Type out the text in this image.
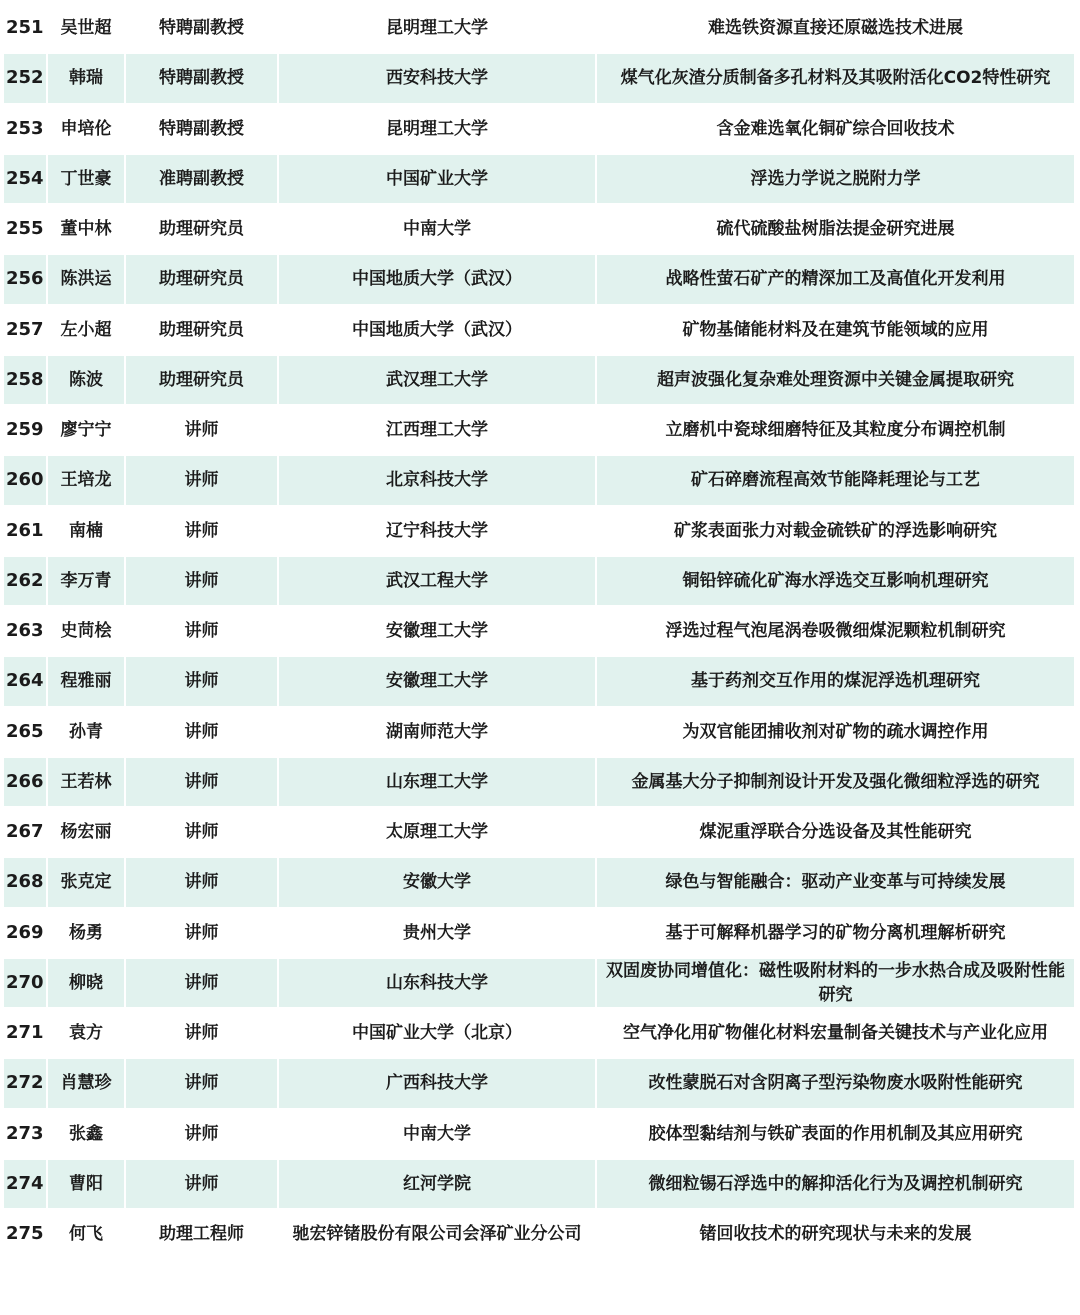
251	吴世超	特聘副教授	昆明理工大学	难选铁资源直接还原磁选技术进展
252	韩瑞	特聘副教授	西安科技大学	煤气化灰渣分质制备多孔材料及其吸附活化CO2特性研究
253	申培伦	特聘副教授	昆明理工大学	含金难选氧化铜矿综合回收技术
254	丁世豪	准聘副教授	中国矿业大学	浮选力学说之脱附力学
255	董中林	助理研究员	中南大学	硫代硫酸盐树脂法提金研究进展
256	陈洪运	助理研究员	中国地质大学（武汉）	战略性萤石矿产的精深加工及高值化开发利用
257	左小超	助理研究员	中国地质大学（武汉）	矿物基储能材料及在建筑节能领域的应用
258	陈波	助理研究员	武汉理工大学	超声波强化复杂难处理资源中关键金属提取研究
259	廖宁宁	讲师	江西理工大学	立磨机中瓷球细磨特征及其粒度分布调控机制
260	王培龙	讲师	北京科技大学	矿石碎磨流程高效节能降耗理论与工艺
261	南楠	讲师	辽宁科技大学	矿浆表面张力对载金硫铁矿的浮选影响研究
262	李万青	讲师	武汉工程大学	铜铅锌硫化矿海水浮选交互影响机理研究
263	史苘桧	讲师	安徽理工大学	浮选过程气泡尾涡卷吸微细煤泥颗粒机制研究
264	程雅丽	讲师	安徽理工大学	基于药剂交互作用的煤泥浮选机理研究
265	孙青	讲师	湖南师范大学	为双官能团捕收剂对矿物的疏水调控作用
266	王若林	讲师	山东理工大学	金属基大分子抑制剂设计开发及强化微细粒浮选的研究
267	杨宏丽	讲师	太原理工大学	煤泥重浮联合分选设备及其性能研究
268	张克定	讲师	安徽大学	绿色与智能融合：驱动产业变革与可持续发展
269	杨勇	讲师	贵州大学	基于可解释机器学习的矿物分离机理解析研究
270	柳晓	讲师	山东科技大学	双固废协同增值化：磁性吸附材料的一步水热合成及吸附性能研究
271	袁方	讲师	中国矿业大学（北京）	空气净化用矿物催化材料宏量制备关键技术与产业化应用
272	肖慧珍	讲师	广西科技大学	改性蒙脱石对含阴离子型污染物废水吸附性能研究
273	张鑫	讲师	中南大学	胶体型黏结剂与铁矿表面的作用机制及其应用研究
274	曹阳	讲师	红河学院	微细粒锡石浮选中的解抑活化行为及调控机制研究
275	何飞	助理工程师	驰宏锌锗股份有限公司会泽矿业分公司	锗回收技术的研究现状与未来的发展
